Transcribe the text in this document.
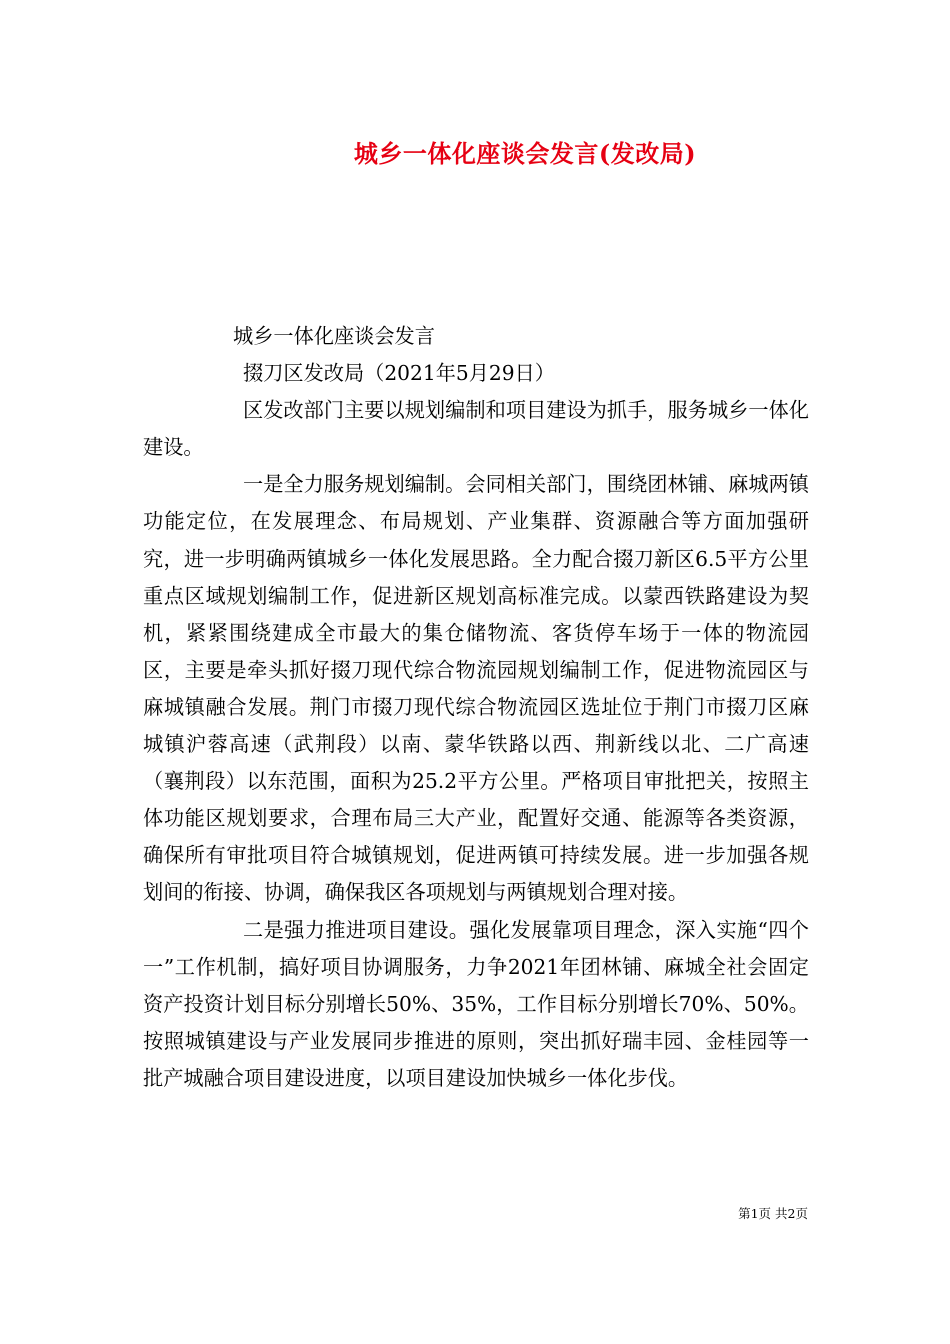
城乡一体化座谈会发言(发改局)

城乡一体化座谈会发言

掇刀区发改局（2021年5月29日）

区发改部门主要以规划编制和项目建设为抓手，服务城乡一体化建设。

一是全力服务规划编制。会同相关部门，围绕团林铺、麻城两镇功能定位，在发展理念、布局规划、产业集群、资源融合等方面加强研究，进一步明确两镇城乡一体化发展思路。全力配合掇刀新区6.5平方公里重点区域规划编制工作，促进新区规划高标准完成。以蒙西铁路建设为契机，紧紧围绕建成全市最大的集仓储物流、客货停车场于一体的物流园区，主要是牵头抓好掇刀现代综合物流园规划编制工作，促进物流园区与麻城镇融合发展。荆门市掇刀现代综合物流园区选址位于荆门市掇刀区麻城镇沪蓉高速（武荆段）以南、蒙华铁路以西、荆新线以北、二广高速（襄荆段）以东范围，面积为25.2平方公里。严格项目审批把关，按照主体功能区规划要求，合理布局三大产业，配置好交通、能源等各类资源，确保所有审批项目符合城镇规划，促进两镇可持续发展。进一步加强各规划间的衔接、协调，确保我区各项规划与两镇规划合理对接。

二是强力推进项目建设。强化发展靠项目理念，深入实施“四个一”工作机制，搞好项目协调服务，力争2021年团林铺、麻城全社会固定资产投资计划目标分别增长50%、35%，工作目标分别增长70%、50%。按照城镇建设与产业发展同步推进的原则，突出抓好瑞丰园、金桂园等一批产城融合项目建设进度，以项目建设加快城乡一体化步伐。

第1页 共2页
